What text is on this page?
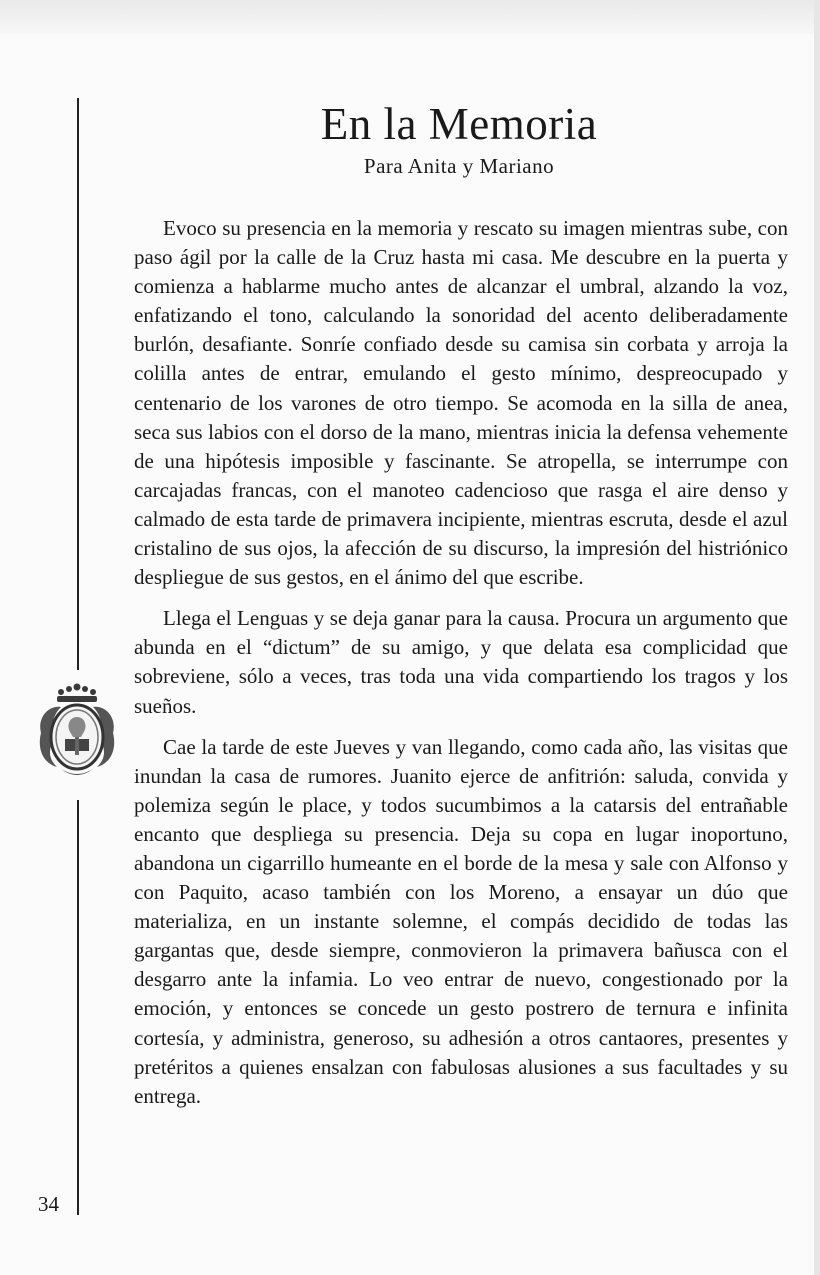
34
En la Memoria
Para Anita y Mariano

Evoco su presencia en la memoria y rescato su imagen mientras sube, con paso ágil por la calle de la Cruz hasta mi casa. Me descubre en la puerta y comienza a hablarme mucho antes de alcanzar el umbral, alzando la voz, enfatizando el tono, calculando la sonoridad del acento deliberadamente burlón, desafiante. Sonríe confiado desde su camisa sin corbata y arroja la colilla antes de entrar, emulando el gesto mínimo, despreocupado y centenario de los varones de otro tiempo. Se acomoda en la silla de anea, seca sus labios con el dorso de la mano, mientras inicia la defensa vehemente de una hipótesis imposible y fascinante. Se atropella, se interrumpe con carcajadas francas, con el manoteo cadencioso que rasga el aire denso y calmado de esta tarde de primavera incipiente, mientras escruta, desde el azul cristalino de sus ojos, la afección de su discurso, la impresión del histriónico despliegue de sus gestos, en el ánimo del que escribe.

Llega el Lenguas y se deja ganar para la causa. Procura un argumento que abunda en el “dictum” de su amigo, y que delata esa complicidad que sobreviene, sólo a veces, tras toda una vida compartiendo los tragos y los sueños.

Cae la tarde de este Jueves y van llegando, como cada año, las visitas que inundan la casa de rumores. Juanito ejerce de anfitrión: saluda, convida y polemiza según le place, y todos sucumbimos a la catarsis del entrañable encanto que despliega su presencia. Deja su copa en lugar inoportuno, abandona un cigarrillo humeante en el borde de la mesa y sale con Alfonso y con Paquito, acaso también con los Moreno, a ensayar un dúo que materializa, en un instante solemne, el compás decidido de todas las gargantas que, desde siempre, conmovieron la primavera bañusca con el desgarro ante la infamia. Lo veo entrar de nuevo, congestionado por la emoción, y entonces se concede un gesto postrero de ternura e infinita cortesía, y administra, generoso, su adhesión a otros cantaores, presentes y pretéritos a quienes ensalzan con fabulosas alusiones a sus facultades y su entrega.
